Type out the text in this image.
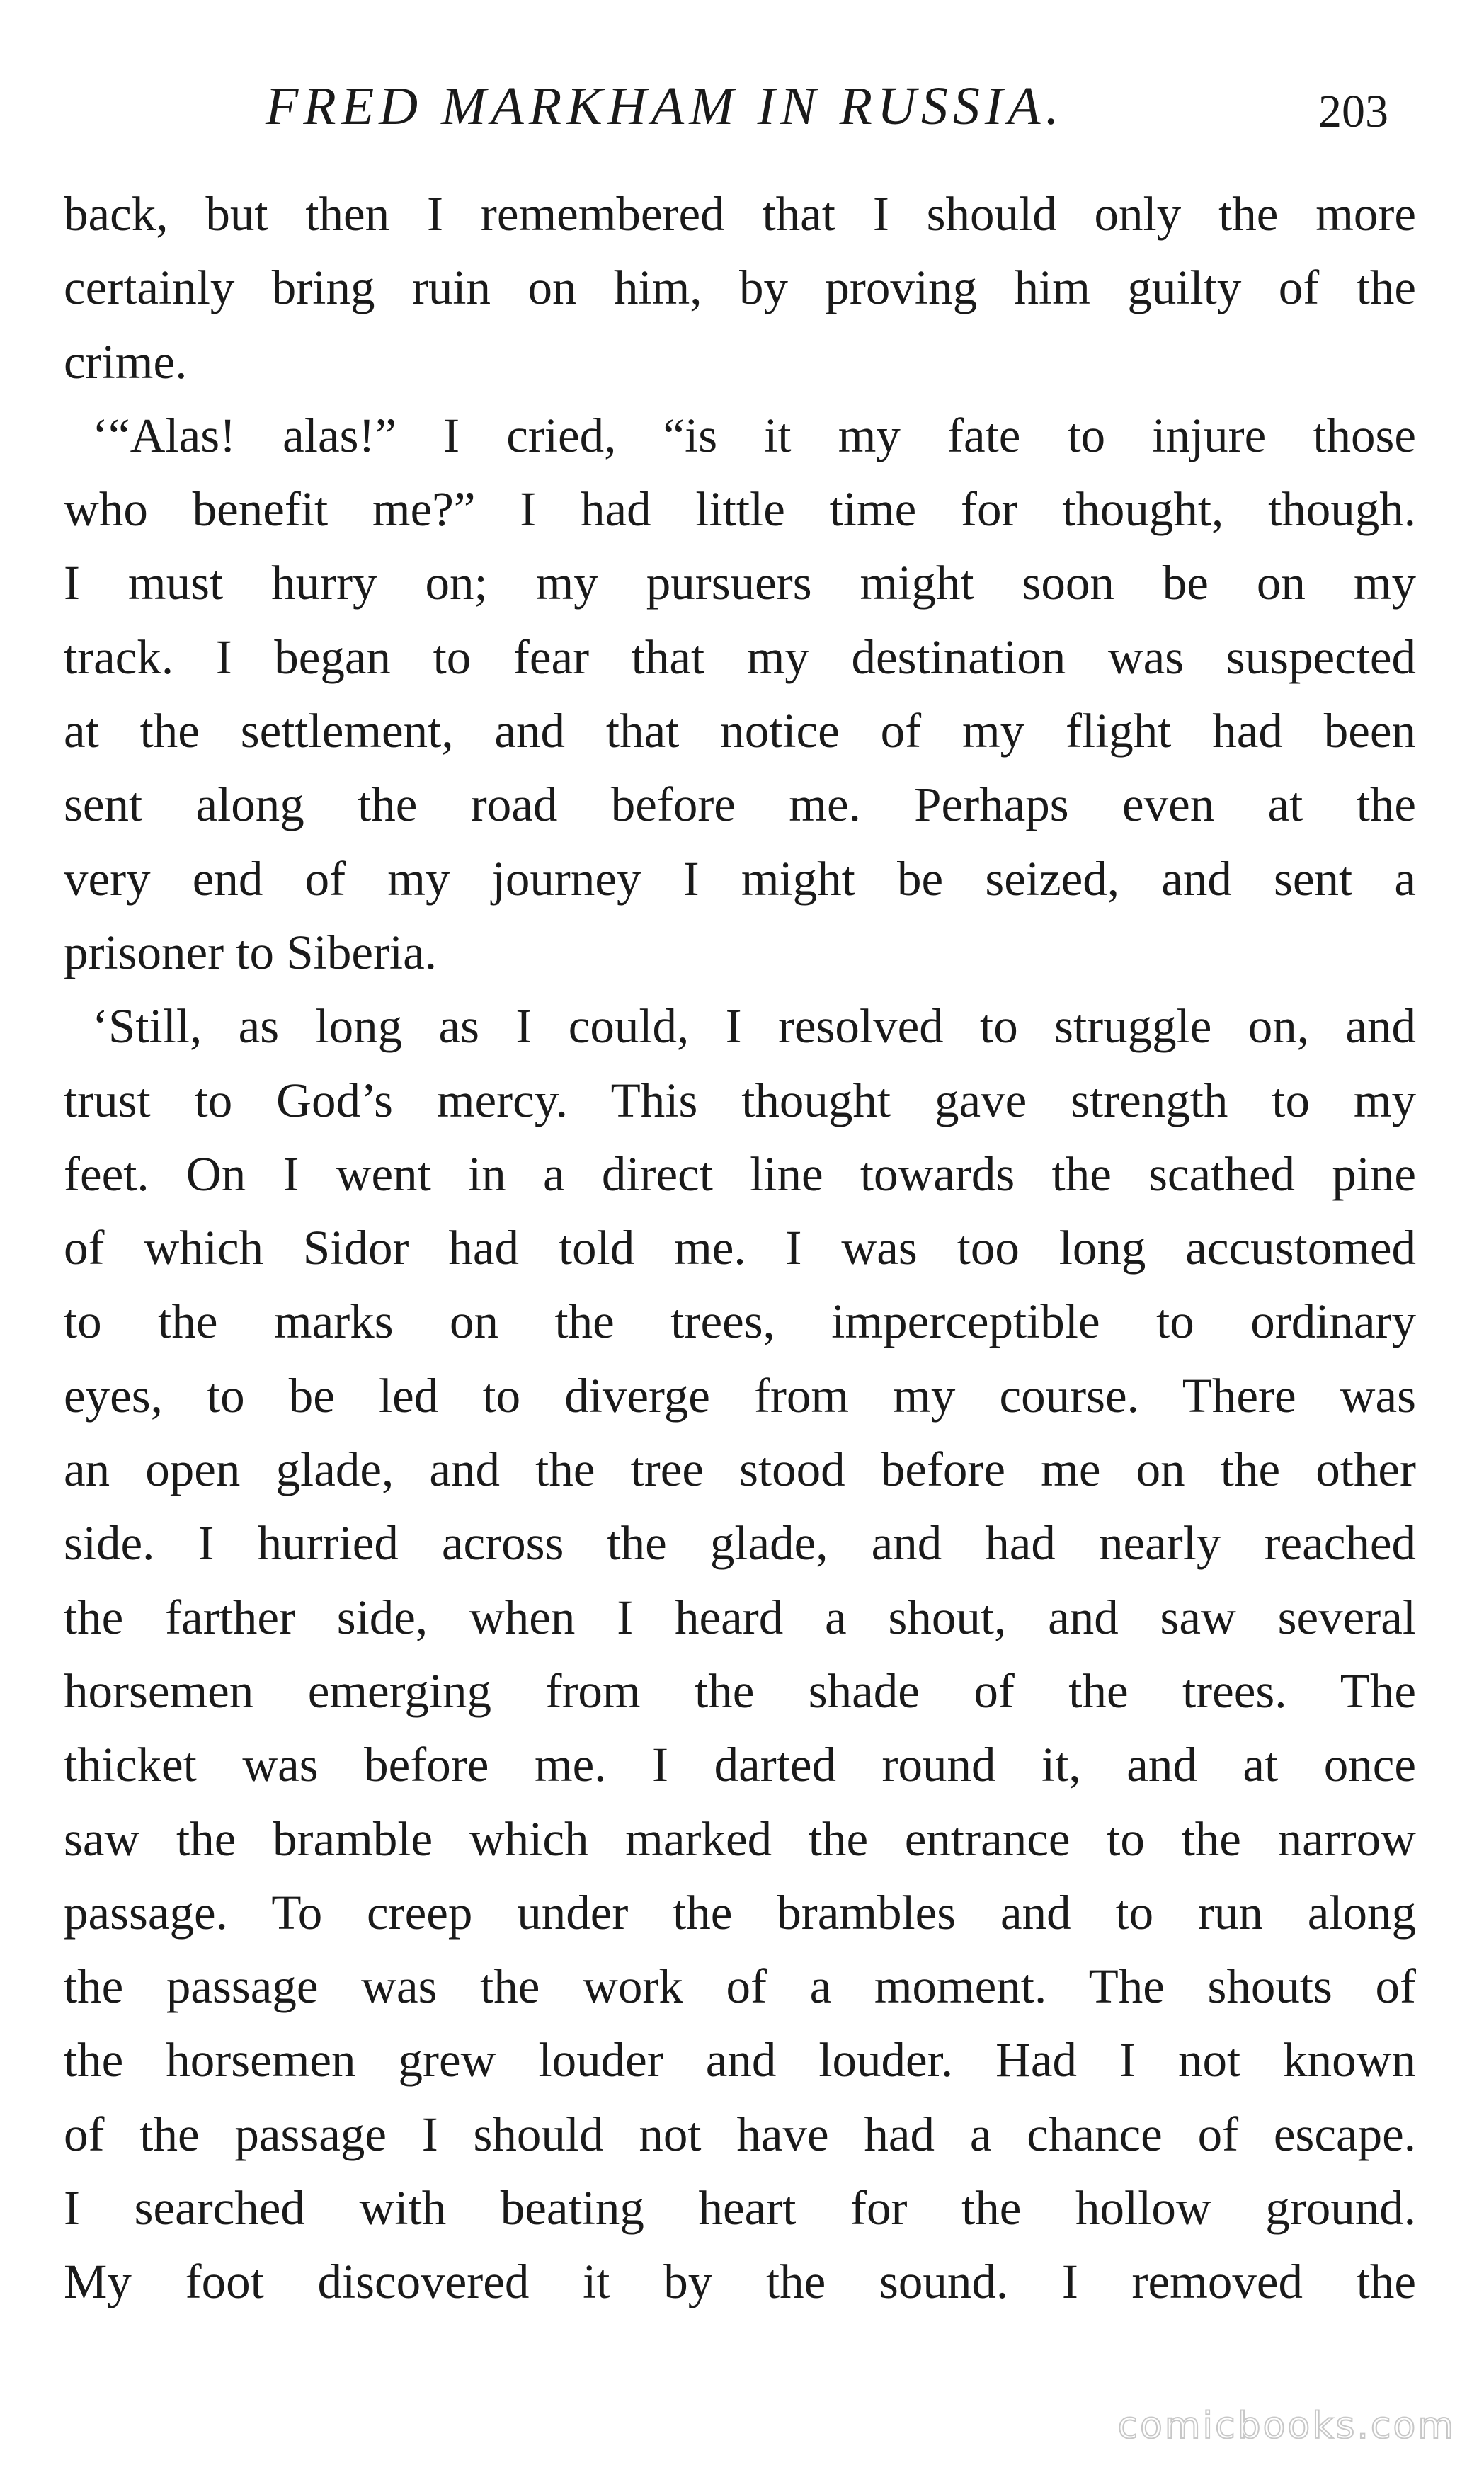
FRED MARKHAM IN RUSSIA.	203
back, but then I remembered that I should only the more
certainly bring ruin on him, by proving him guilty of the
crime.
‘“Alas! alas!” I cried, “is it my fate to injure those
who benefit me?” I had little time for thought, though.
I must hurry on; my pursuers might soon be on my
track. I began to fear that my destination was suspected
at the settlement, and that notice of my flight had been
sent along the road before me. Perhaps even at the
very end of my journey I might be seized, and sent a
prisoner to Siberia.
‘Still, as long as I could, I resolved to struggle on, and
trust to God’s mercy. This thought gave strength to my
feet. On I went in a direct line towards the scathed pine
of which Sidor had told me. I was too long accustomed
to the marks on the trees, imperceptible to ordinary
eyes, to be led to diverge from my course. There was
an open glade, and the tree stood before me on the other
side. I hurried across the glade, and had nearly reached
the farther side, when I heard a shout, and saw several
horsemen emerging from the shade of the trees. The
thicket was before me. I darted round it, and at once
saw the bramble which marked the entrance to the narrow
passage. To creep under the brambles and to run along
the passage was the work of a moment. The shouts of
the horsemen grew louder and louder. Had I not known
of the passage I should not have had a chance of escape.
I searched with beating heart for the hollow ground.
My foot discovered it by the sound. I removed the
comicbooks.com
